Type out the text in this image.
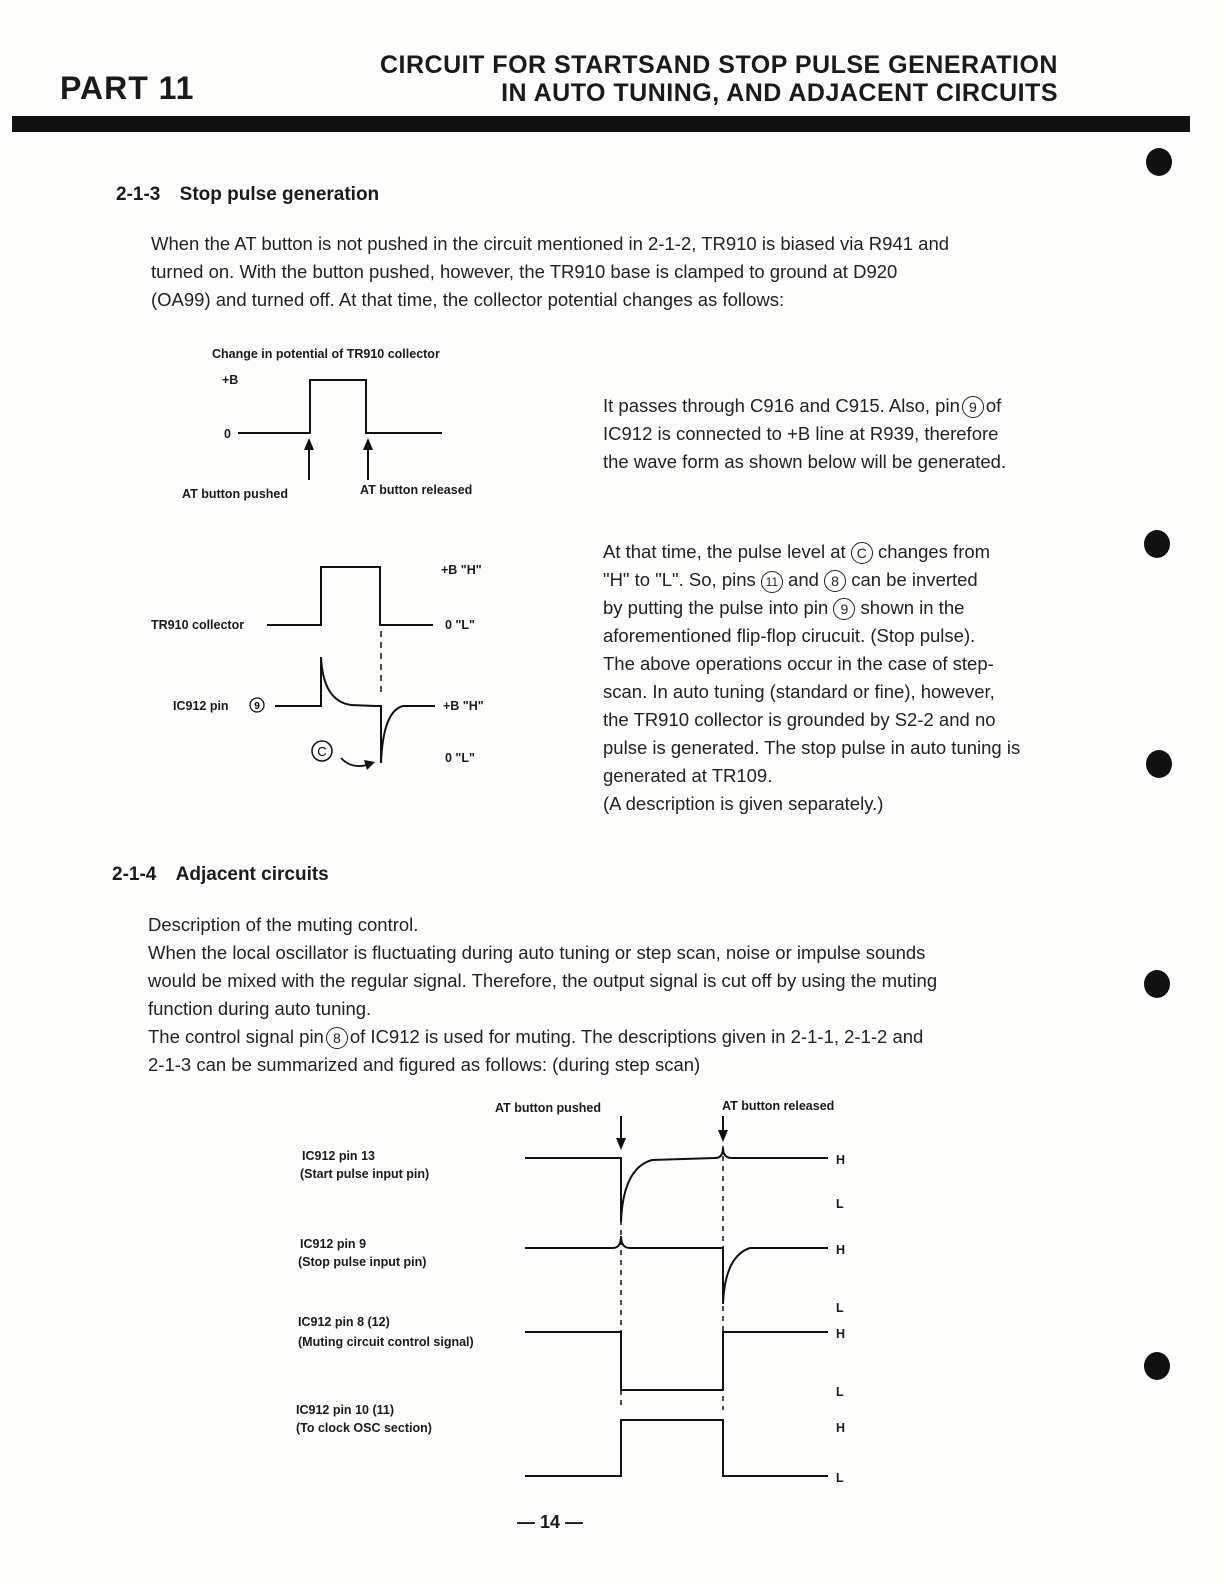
PART 11
CIRCUIT FOR STARTSAND STOP PULSE GENERATION
IN AUTO TUNING, AND ADJACENT CIRCUITS
2-1-3 Stop pulse generation
When the AT button is not pushed in the circuit mentioned in 2-1-2, TR910 is biased via R941 and
turned on. With the button pushed, however, the TR910 base is clamped to ground at D920
(OA99) and turned off. At that time, the collector potential changes as follows:
Change in potential of TR910 collector
+B
0
AT button pushed	AT button released
It passes through C916 and C915. Also, pin 9 of
IC912 is connected to +B line at R939, therefore
the wave form as shown below will be generated.
TR910 collector
+B "H"
0 "L"
IC912 pin	9	+B "H"
0 "L"
C
At that time, the pulse level at C changes from
"H" to "L". So, pins 11 and 8 can be inverted
by putting the pulse into pin 9 shown in the
aforementioned flip-flop cirucuit. (Stop pulse).
The above operations occur in the case of step-
scan. In auto tuning (standard or fine), however,
the TR910 collector is grounded by S2-2 and no
pulse is generated. The stop pulse in auto tuning is
generated at TR109.
(A description is given separately.)
2-1-4 Adjacent circuits
Description of the muting control.
When the local oscillator is fluctuating during auto tuning or step scan, noise or impulse sounds
would be mixed with the regular signal. Therefore, the output signal is cut off by using the muting
function during auto tuning.
The control signal pin 8 of IC912 is used for muting. The descriptions given in 2-1-1, 2-1-2 and
2-1-3 can be summarized and figured as follows: (during step scan)
AT button pushed	AT button released
IC912 pin 13
(Start pulse input pin)
H
L
IC912 pin 9
(Stop pulse input pin)
H
L
IC912 pin 8 (12)
(Muting circuit control signal)
H
L
IC912 pin 10 (11)
(To clock OSC section)	H
L
— 14 —
